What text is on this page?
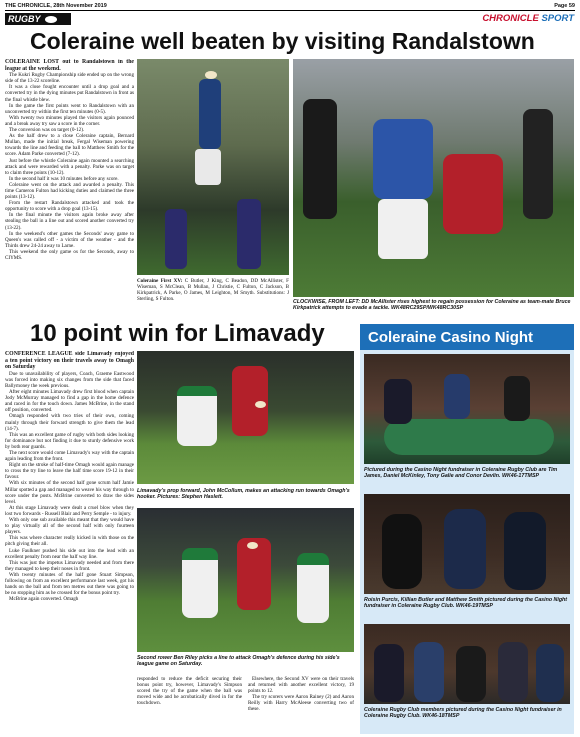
THE CHRONICLE, 28th November 2019	Page 59
RUGBY	CHRONICLE SPORT
Coleraine well beaten by visiting Randalstown

COLERAINE LOST out to Randalstown in the league at the weekend.

The Kukri Rugby Championship side ended up on the wrong side of the 13-22 scoreline.

It was a close fought encounter until a drop goal and a converted try in the dying minutes put Randalstown in front as the final whistle blew.

In the game the first points went to Randalstown with an unconverted try within the first ten minutes (0-5).

With twenty two minutes played the visitors again pounced and a break away try saw a score in the corner.

The conversion was on target (0-12).

As the half drew to a close Coleraine captain, Bernard Mullan, made the initial break, Fergal Wiseman powering towards the line and feeding the ball to Matthew Smith for the score. Adam Parke converted (7-12).

Just before the whistle Coleraine again mounted a searching attack and were rewarded with a penalty. Parke was on target to claim three points (10-12).

In the second half it was 10 minutes before any score.

Coleraine went on the attack and awarded a penalty. This time Cameron Fulton had kicking duties and claimed the three points (13-12).

From the restart Randalstown attacked and took the opportunity to score with a drop goal (13-15).

In the final minute the visitors again broke away after stealing the ball in a line out and scored another converted try (13-22).

In the weekend's other games the Seconds' away game to Queen's was called off - a victim of the weather - and the Thirds drew 24-24 away to Larne.

This weekend the only game os for the Seconds, away to CIYMS.

Coleraine First XV: C Butler, J King, C Beadon, DD McAllister, F Wiseman, S McClean, B Mullan, J Christie, C Fulton, C Jackson, B Kirkpatrick, A Parke, O James, M Leighton, M Smyth. Substitutions: J Sterling, S Fulton.	CLOCKWISE, FROM LEFT: DD McAllister rises highest to regain possession for Coleraine as team-mate Bruce Kirkpatrick attempts to evade a tackle. WK48RC29SP/WK48RC30SP
10 point win for Limavady

CONFERENCE LEAGUE side Limavady enjoyed a ten point victory on their travels away to Omagh on Saturday

Due to unavailability of players, Coach, Graeme Eastwood was forced into making six changes from the side that faced Ballymoney the week previous.

After eight minutes Limavady drew first blood when captain Jody McMurray managed to find a gap in the home defence and raced in for the touch down. James McBrine, in the stand off position, converted.

Omagh responded with two tries of their own, coming mainly through their forward strength to give them the lead (14-7).

This was an excellent game of rugby with both sides looking for dominance but not finding it due to sturdy defensive work by both rear guards.

The next score would come Limavady's way with the captain again leading from the front.

Right on the stroke of half-time Omagh would again manage to cross the try line to leave the half time score 19-12 in their favour.

With six minutes of the second half gone scrum half Jamie Millar spotted a gap and managed to weave his way through to score under the posts. McBrine converted to draw the sides level.

At this stage Limavady were dealt a cruel blow when they lost two forwards - Russell Blair and Perry Semple - to injury.

With only one sub available this meant that they would have to play virtually all of the second half with only fourteen players.

This was where character really kicked in with those on the pitch giving their all.

Luke Faulkner pushed his side out into the lead with an excellent penalty from near the half way line.

This was just the impetus Limavady needed and from there they managed to keep their noses in front.

With twenty minutes of the half gone Stuart Simpson, following on from an excellent performance last week, got his hands on the ball and from ten metres out there was going to be no stopping him as he crossed for the bonus point try.

McBrine again converted. Omagh

Limavady's prop forward, John McCollum, makes an attacking run towards Omagh's hooker. Pictures: Stephen Haslett.
Second rower Ben Riley picks a line to attack Omagh's defence during his side's league game on Saturday.

responded to reduce the deficit securing their bonus point try, however, Limavady's Simpson scored the try of the game when the ball was moved wide and he acrobatically dived in for the touchdown.

Elsewhere, the Second XV were on their travels and returned with another excellent victory, 19 points to 12.

The try scorers were Aaron Rainey (2) and Aaron Reilly with Harry McAleese converting two of these.

Coleraine Casino Night
Pictured during the Casino Night fundraiser in Coleraine Rugby Club are Tim James, Daniel McKinley, Tony Galie and Conor Devlin. WK46-17TMSP
Roisin Purcis, Killian Butler and Matthew Smith pictured during the Casino Night fundraiser in Coleraine Rugby Club. WK46-19TMSP
Coleraine Rugby Club members pictured during the Casino Night fundraiser in Coleraine Rugby Club. WK46-18TMSP
